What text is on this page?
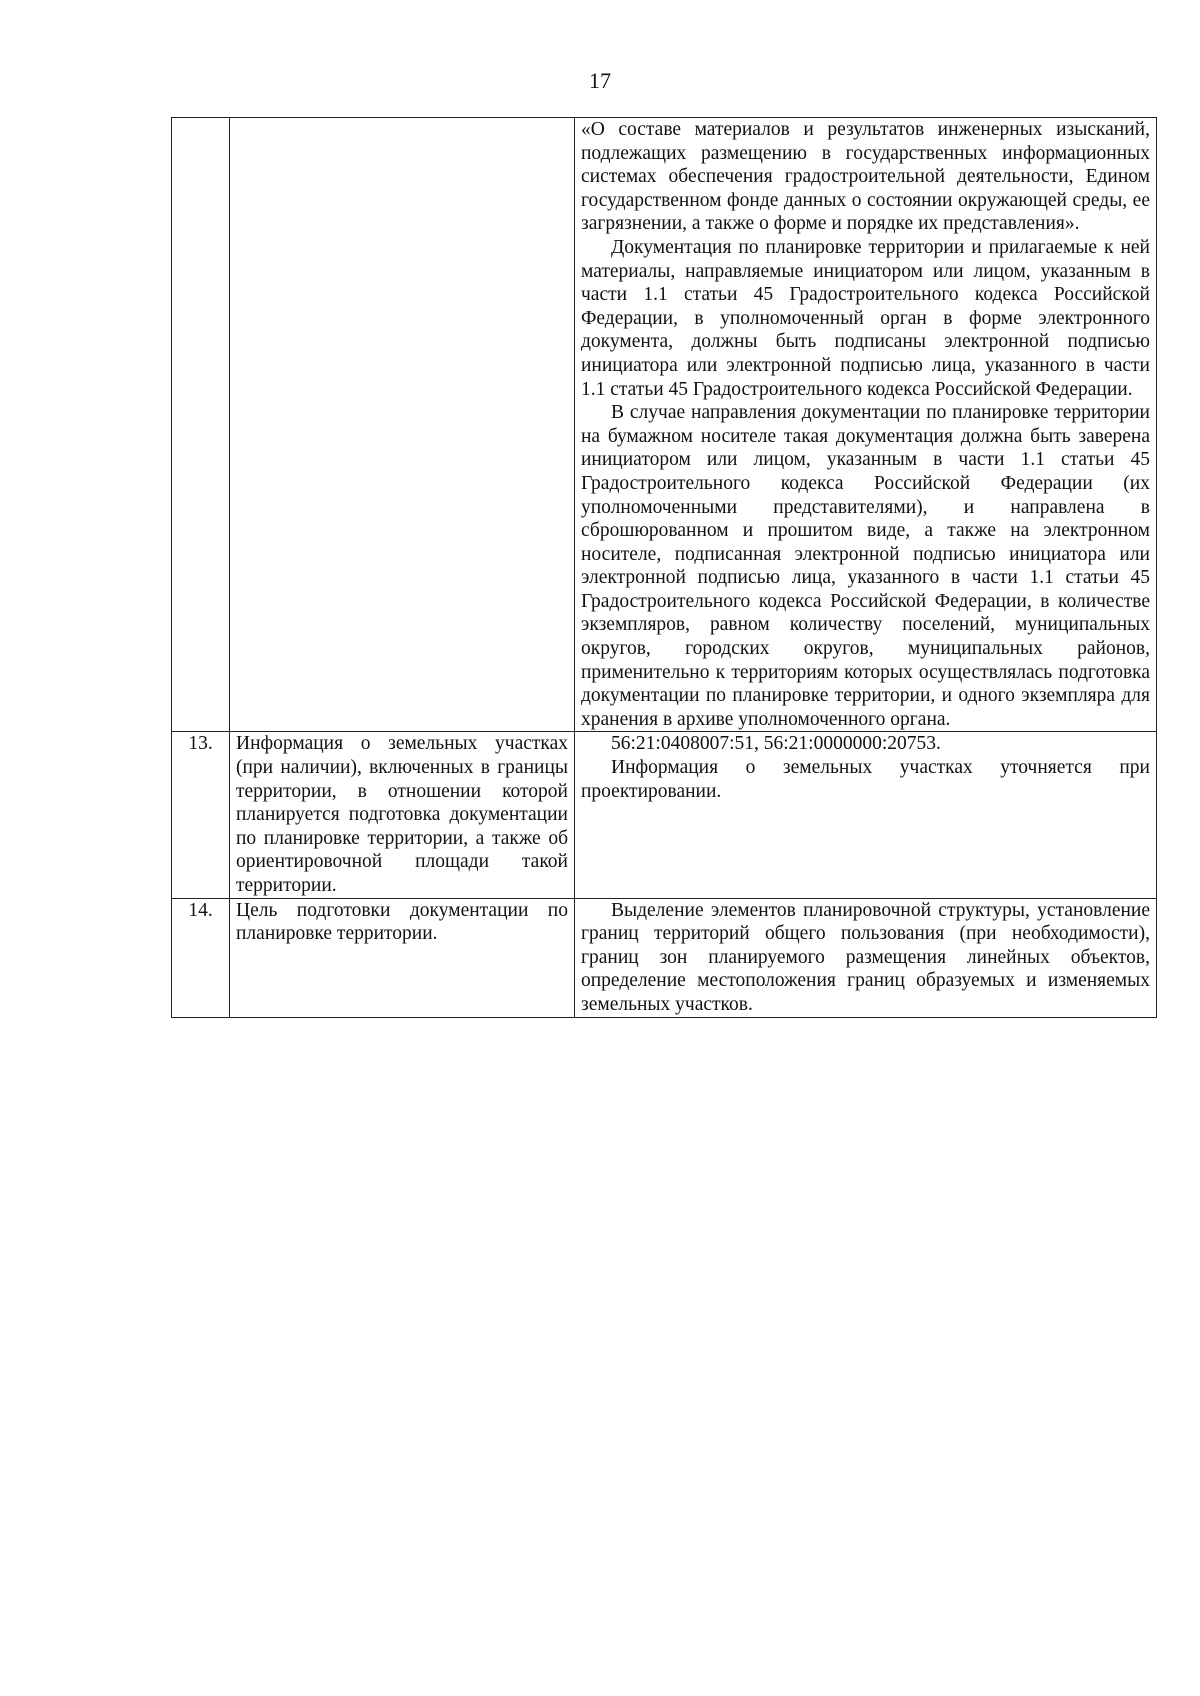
17

		«О составе материалов и результатов инженерных изысканий, подлежащих размещению в государственных информационных системах обеспечения градостроительной деятельности, Едином государственном фонде данных о состоянии окружающей среды, ее загрязнении, а также о форме и порядке их представления».

Документация по планировке территории и прилагаемые к ней материалы, направляемые инициатором или лицом, указанным в части 1.1 статьи 45 Градостроительного кодекса Российской Федерации, в уполномоченный орган в форме электронного документа, должны быть подписаны электронной подписью инициатора или электронной подписью лица, указанного в части 1.1 статьи 45 Градостроительного кодекса Российской Федерации.

В случае направления документации по планировке территории на бумажном носителе такая документация должна быть заверена инициатором или лицом, указанным в части 1.1 статьи 45 Градостроительного кодекса Российской Федерации (их уполномоченными представителями), и направлена в сброшюрованном и прошитом виде, а также на электронном носителе, подписанная электронной подписью инициатора или электронной подписью лица, указанного в части 1.1 статьи 45 Градостроительного кодекса Российской Федерации, в количестве экземпляров, равном количеству поселений, муниципальных округов, городских округов, муниципальных районов, применительно к территориям которых осуществлялась подготовка документации по планировке территории, и одного экземпляра для хранения в архиве уполномоченного органа.

13.	Информация о земельных участках (при наличии), включенных в границы территории, в отношении которой планируется подготовка документации по планировке территории, а также об ориентировочной площади такой территории.	56:21:0408007:51, 56:21:0000000:20753.

Информация о земельных участках уточняется при проектировании.

14.	Цель подготовки документации по планировке территории.	Выделение элементов планировочной структуры, установление границ территорий общего пользования (при необходимости), границ зон планируемого размещения линейных объектов, определение местоположения границ образуемых и изменяемых земельных участков.
